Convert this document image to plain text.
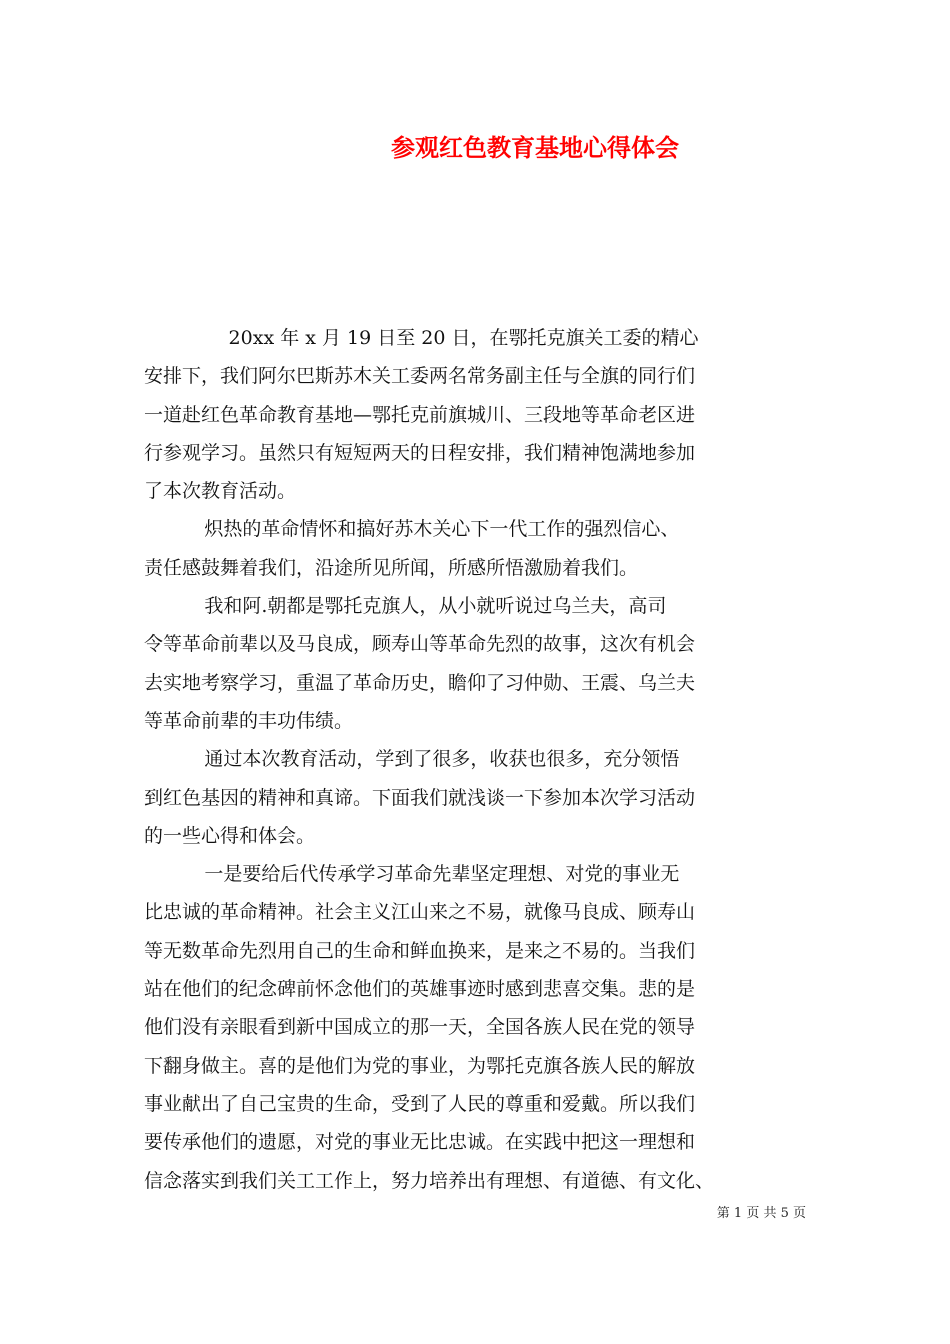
参观红色教育基地心得体会
20xx 年 x 月 19 日至 20 日，在鄂托克旗关工委的精心
安排下，我们阿尔巴斯苏木关工委两名常务副主任与全旗的同行们
一道赴红色革命教育基地—鄂托克前旗城川、三段地等革命老区进
行参观学习。虽然只有短短两天的日程安排，我们精神饱满地参加
了本次教育活动。
炽热的革命情怀和搞好苏木关心下一代工作的强烈信心、
责任感鼓舞着我们，沿途所见所闻，所感所悟激励着我们。
我和阿.朝都是鄂托克旗人，从小就听说过乌兰夫，高司
令等革命前辈以及马良成，顾寿山等革命先烈的故事，这次有机会
去实地考察学习，重温了革命历史，瞻仰了习仲勋、王震、乌兰夫
等革命前辈的丰功伟绩。
通过本次教育活动，学到了很多，收获也很多，充分领悟
到红色基因的精神和真谛。下面我们就浅谈一下参加本次学习活动
的一些心得和体会。
一是要给后代传承学习革命先辈坚定理想、对党的事业无
比忠诚的革命精神。社会主义江山来之不易，就像马良成、顾寿山
等无数革命先烈用自己的生命和鲜血换来，是来之不易的。当我们
站在他们的纪念碑前怀念他们的英雄事迹时感到悲喜交集。悲的是
他们没有亲眼看到新中国成立的那一天，全国各族人民在党的领导
下翻身做主。喜的是他们为党的事业，为鄂托克旗各族人民的解放
事业献出了自己宝贵的生命，受到了人民的尊重和爱戴。所以我们
要传承他们的遗愿，对党的事业无比忠诚。在实践中把这一理想和
信念落实到我们关工工作上，努力培养出有理想、有道德、有文化、
第 1 页 共 5 页
